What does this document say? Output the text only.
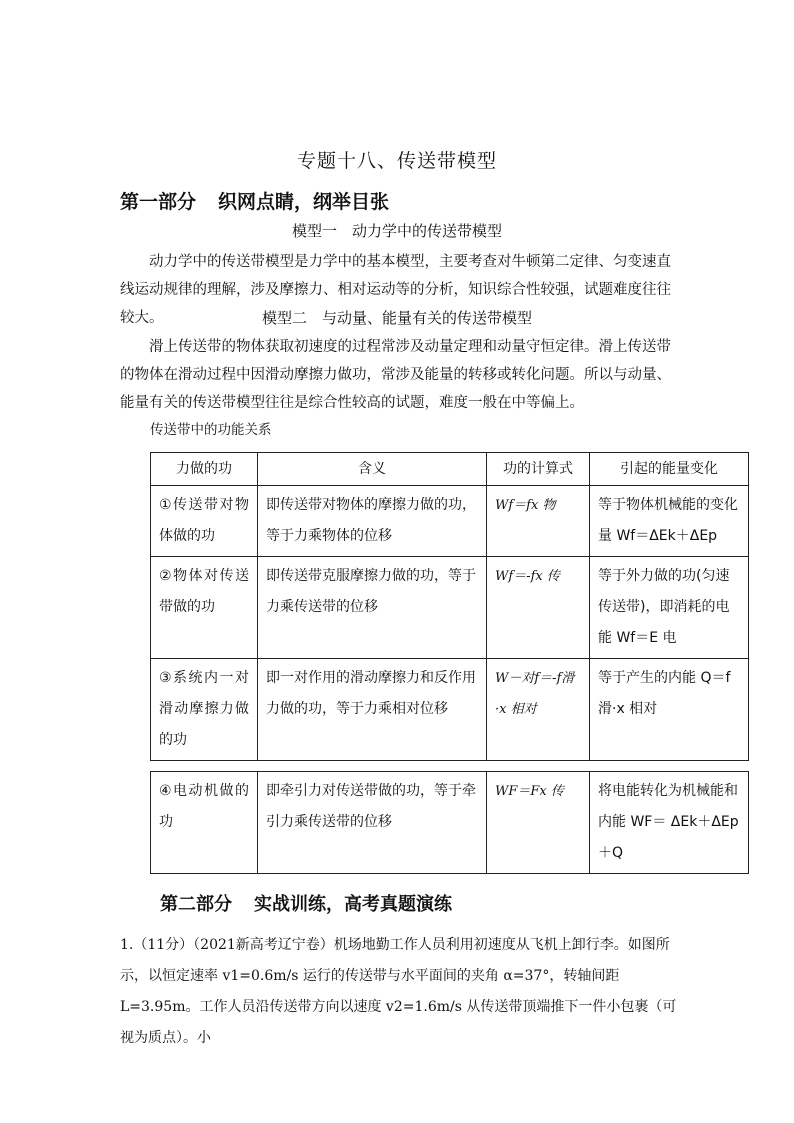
专题十八、传送带模型
第一部分 织网点睛，纲举目张
模型一　动力学中的传送带模型
动力学中的传送带模型是力学中的基本模型，主要考查对牛顿第二定律、匀变速直线运动规律的理解，涉及摩擦力、相对运动等的分析，知识综合性较强，试题难度往往较大。	模型二　与动量、能量有关的传送带模型
滑上传送带的物体获取初速度的过程常涉及动量定理和动量守恒定律。滑上传送带的物体在滑动过程中因滑动摩擦力做功，常涉及能量的转移或转化问题。所以与动量、能量有关的传送带模型往往是综合性较高的试题，难度一般在中等偏上。
传送带中的功能关系
力做的功	含义	功的计算式	引起的能量变化
①传送带对物体做的功	即传送带对物体的摩擦力做的功，等于力乘物体的位移	Wf＝fx 物	等于物体机械能的变化量 Wf＝ΔEk＋ΔEp
②物体对传送带做的功	即传送带克服摩擦力做的功，等于力乘传送带的位移	Wf＝-fx 传	等于外力做的功(匀速传送带)，即消耗的电能 Wf＝E 电
③系统内一对滑动摩擦力做的功	即一对作用的滑动摩擦力和反作用力做的功，等于力乘相对位移	W－对f＝-f滑·x 相对	等于产生的内能 Q＝f滑·x 相对
④电动机做的功	即牵引力对传送带做的功，等于牵引力乘传送带的位移	WF＝Fx 传	将电能转化为机械能和内能 WF＝ ΔEk＋ΔEp＋Q
第二部分 实战训练，高考真题演练
1.（11分）（2021新高考辽宁卷）机场地勤工作人员利用初速度从飞机上卸行李。如图所示，以恒定速率 v1=0.6m/s 运行的传送带与水平面间的夹角 α=37°，转轴间距 L=3.95m。工作人员沿传送带方向以速度 v2=1.6m/s 从传送带顶端推下一件小包裹（可视为质点）。小
